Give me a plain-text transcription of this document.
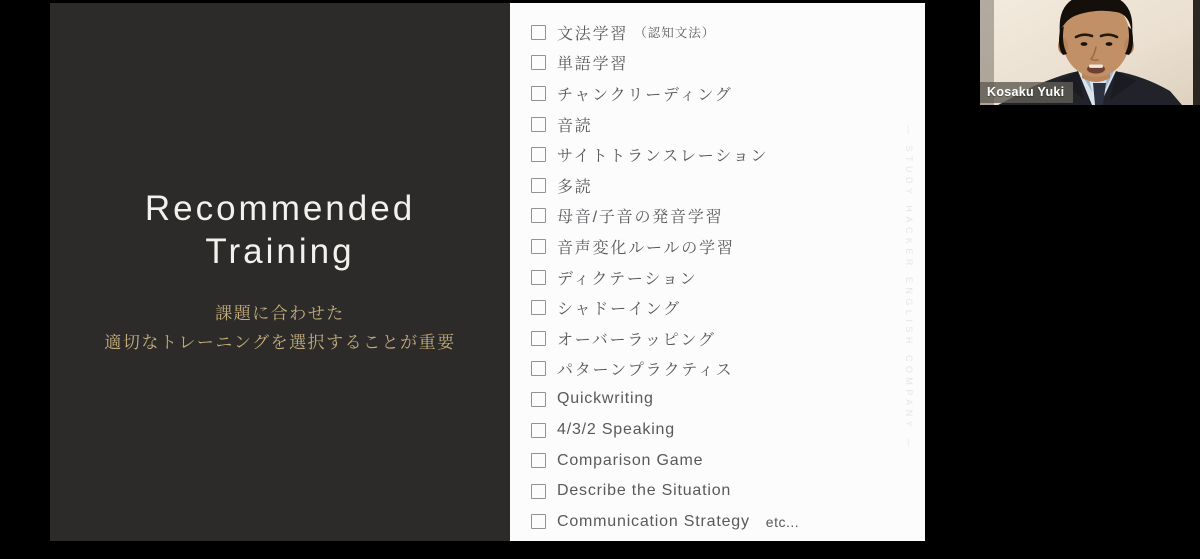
Recommended
Training
課題に合わせた
適切なトレーニングを選択することが重要
文法学習 （認知文法）
単語学習
チャンクリーディング
音読
サイトトランスレーション
多読
母音/子音の発音学習
音声変化ルールの学習
ディクテーション
シャドーイング
オーバーラッピング
パターンプラクティス
Quickwriting
4/3/2 Speaking
Comparison Game
Describe the Situation
Communication Strategy etc...
— STUDY HACKER ENGLISH COMPANY —
Kosaku Yuki
